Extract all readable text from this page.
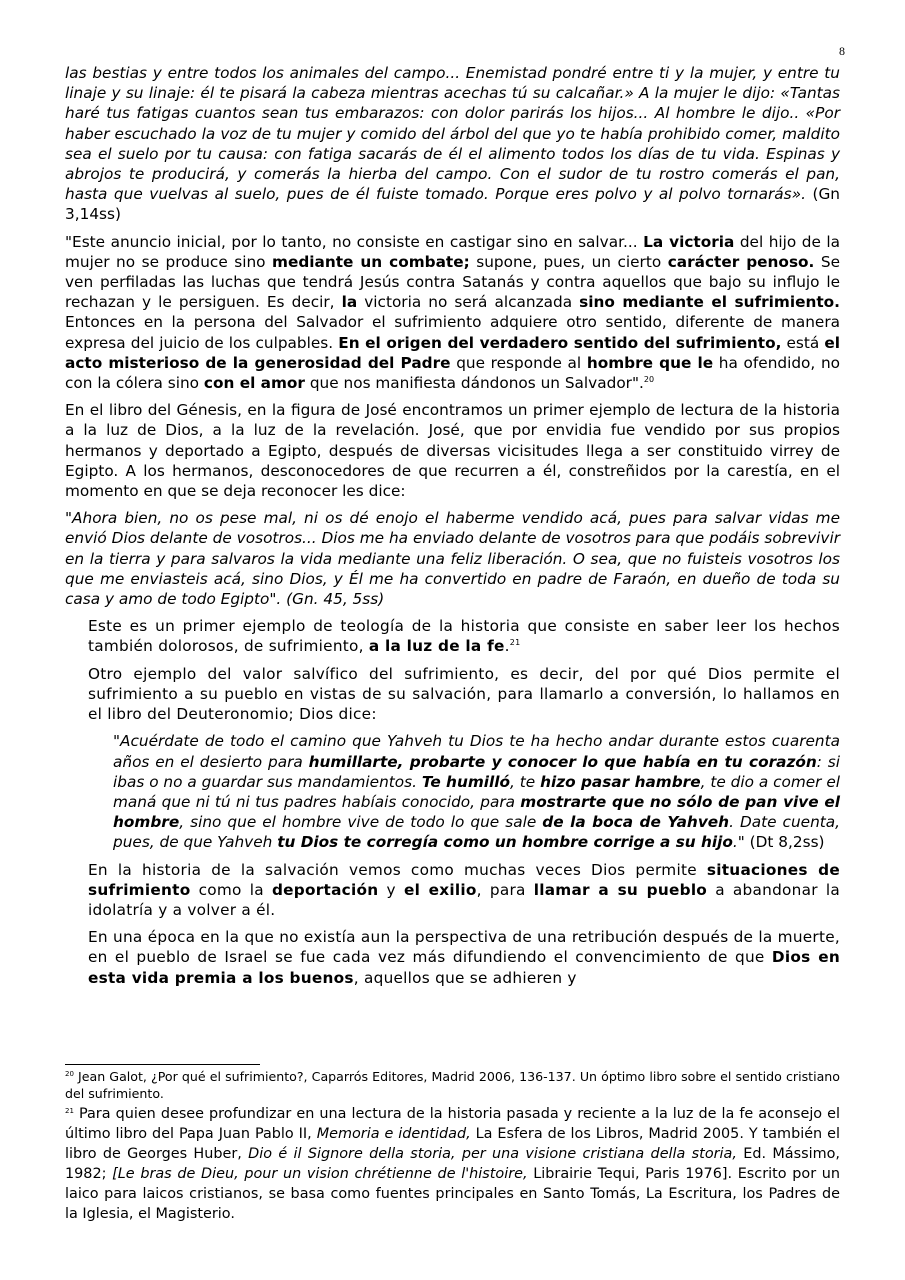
8

las bestias y entre todos los animales del campo... Enemistad pondré entre ti y la mujer, y entre tu linaje y su linaje: él te pisará la cabeza mientras acechas tú su calcañar.» A la mujer le dijo: «Tantas haré tus fatigas cuantos sean tus embarazos: con dolor parirás los hijos... Al hombre le dijo.. «Por haber escuchado la voz de tu mujer y comido del árbol del que yo te había prohibido comer, maldito sea el suelo por tu causa: con fatiga sacarás de él el alimento todos los días de tu vida. Espinas y abrojos te producirá, y comerás la hierba del campo. Con el sudor de tu rostro comerás el pan, hasta que vuelvas al suelo, pues de él fuiste tomado. Porque eres polvo y al polvo tornarás». (Gn 3,14ss)

"Este anuncio inicial, por lo tanto, no consiste en castigar sino en salvar... La victoria del hijo de la mujer no se produce sino mediante un combate; supone, pues, un cierto carácter penoso. Se ven perfiladas las luchas que tendrá Jesús contra Satanás y contra aquellos que bajo su influjo le rechazan y le persiguen. Es decir, la victoria no será alcanzada sino mediante el sufrimiento. Entonces en la persona del Salvador el sufrimiento adquiere otro sentido, diferente de manera expresa del juicio de los culpables. En el origen del verdadero sentido del sufrimiento, está el acto misterioso de la generosidad del Padre que responde al hombre que le ha ofendido, no con la cólera sino con el amor que nos manifiesta dándonos un Salvador".$^{20}$

En el libro del Génesis, en la figura de José encontramos un primer ejemplo de lectura de la historia a la luz de Dios, a la luz de la revelación. José, que por envidia fue vendido por sus propios hermanos y deportado a Egipto, después de diversas vicisitudes llega a ser constituido virrey de Egipto. A los hermanos, desconocedores de que recurren a él, constreñidos por la carestía, en el momento en que se deja reconocer les dice:

"Ahora bien, no os pese mal, ni os dé enojo el haberme vendido acá, pues para salvar vidas me envió Dios delante de vosotros... Dios me ha enviado delante de vosotros para que podáis sobrevivir en la tierra y para salvaros la vida mediante una feliz liberación. O sea, que no fuisteis vosotros los que me enviasteis acá, sino Dios, y Él me ha convertido en padre de Faraón, en dueño de toda su casa y amo de todo Egipto". (Gn. 45, 5ss)

Este es un primer ejemplo de teología de la historia que consiste en saber leer los hechos también dolorosos, de sufrimiento, a la luz de la fe.$^{21}$

Otro ejemplo del valor salvífico del sufrimiento, es decir, del por qué Dios permite el sufrimiento a su pueblo en vistas de su salvación, para llamarlo a conversión, lo hallamos en el libro del Deuteronomio; Dios dice:

"Acuérdate de todo el camino que Yahveh tu Dios te ha hecho andar durante estos cuarenta años en el desierto para humillarte, probarte y conocer lo que había en tu corazón: si ibas o no a guardar sus mandamientos. Te humilló, te hizo pasar hambre, te dio a comer el maná que ni tú ni tus padres habíais conocido, para mostrarte que no sólo de pan vive el hombre, sino que el hombre vive de todo lo que sale de la boca de Yahveh. Date cuenta, pues, de que Yahveh tu Dios te corregía como un hombre corrige a su hijo." (Dt 8,2ss)

En la historia de la salvación vemos como muchas veces Dios permite situaciones de sufrimiento como la deportación y el exilio, para llamar a su pueblo a abandonar la idolatría y a volver a él.

En una época en la que no existía aun la perspectiva de una retribución después de la muerte, en el pueblo de Israel se fue cada vez más difundiendo el convencimiento de que Dios en esta vida premia a los buenos, aquellos que se adhieren y

$^{20}$ Jean Galot, ¿Por qué el sufrimiento?, Caparrós Editores, Madrid 2006, 136-137. Un óptimo libro sobre el sentido cristiano del sufrimiento.

$^{21}$ Para quien desee profundizar en una lectura de la historia pasada y reciente a la luz de la fe aconsejo el último libro del Papa Juan Pablo II, Memoria e identidad, La Esfera de los Libros, Madrid 2005. Y también el libro de Georges Huber, Dio é il Signore della storia, per una visione cristiana della storia, Ed. Mássimo, 1982; [Le bras de Dieu, pour un vision chrétienne de l'histoire, Librairie Tequi, Paris 1976]. Escrito por un laico para laicos cristianos, se basa como fuentes principales en Santo Tomás, La Escritura, los Padres de la Iglesia, el Magisterio.
